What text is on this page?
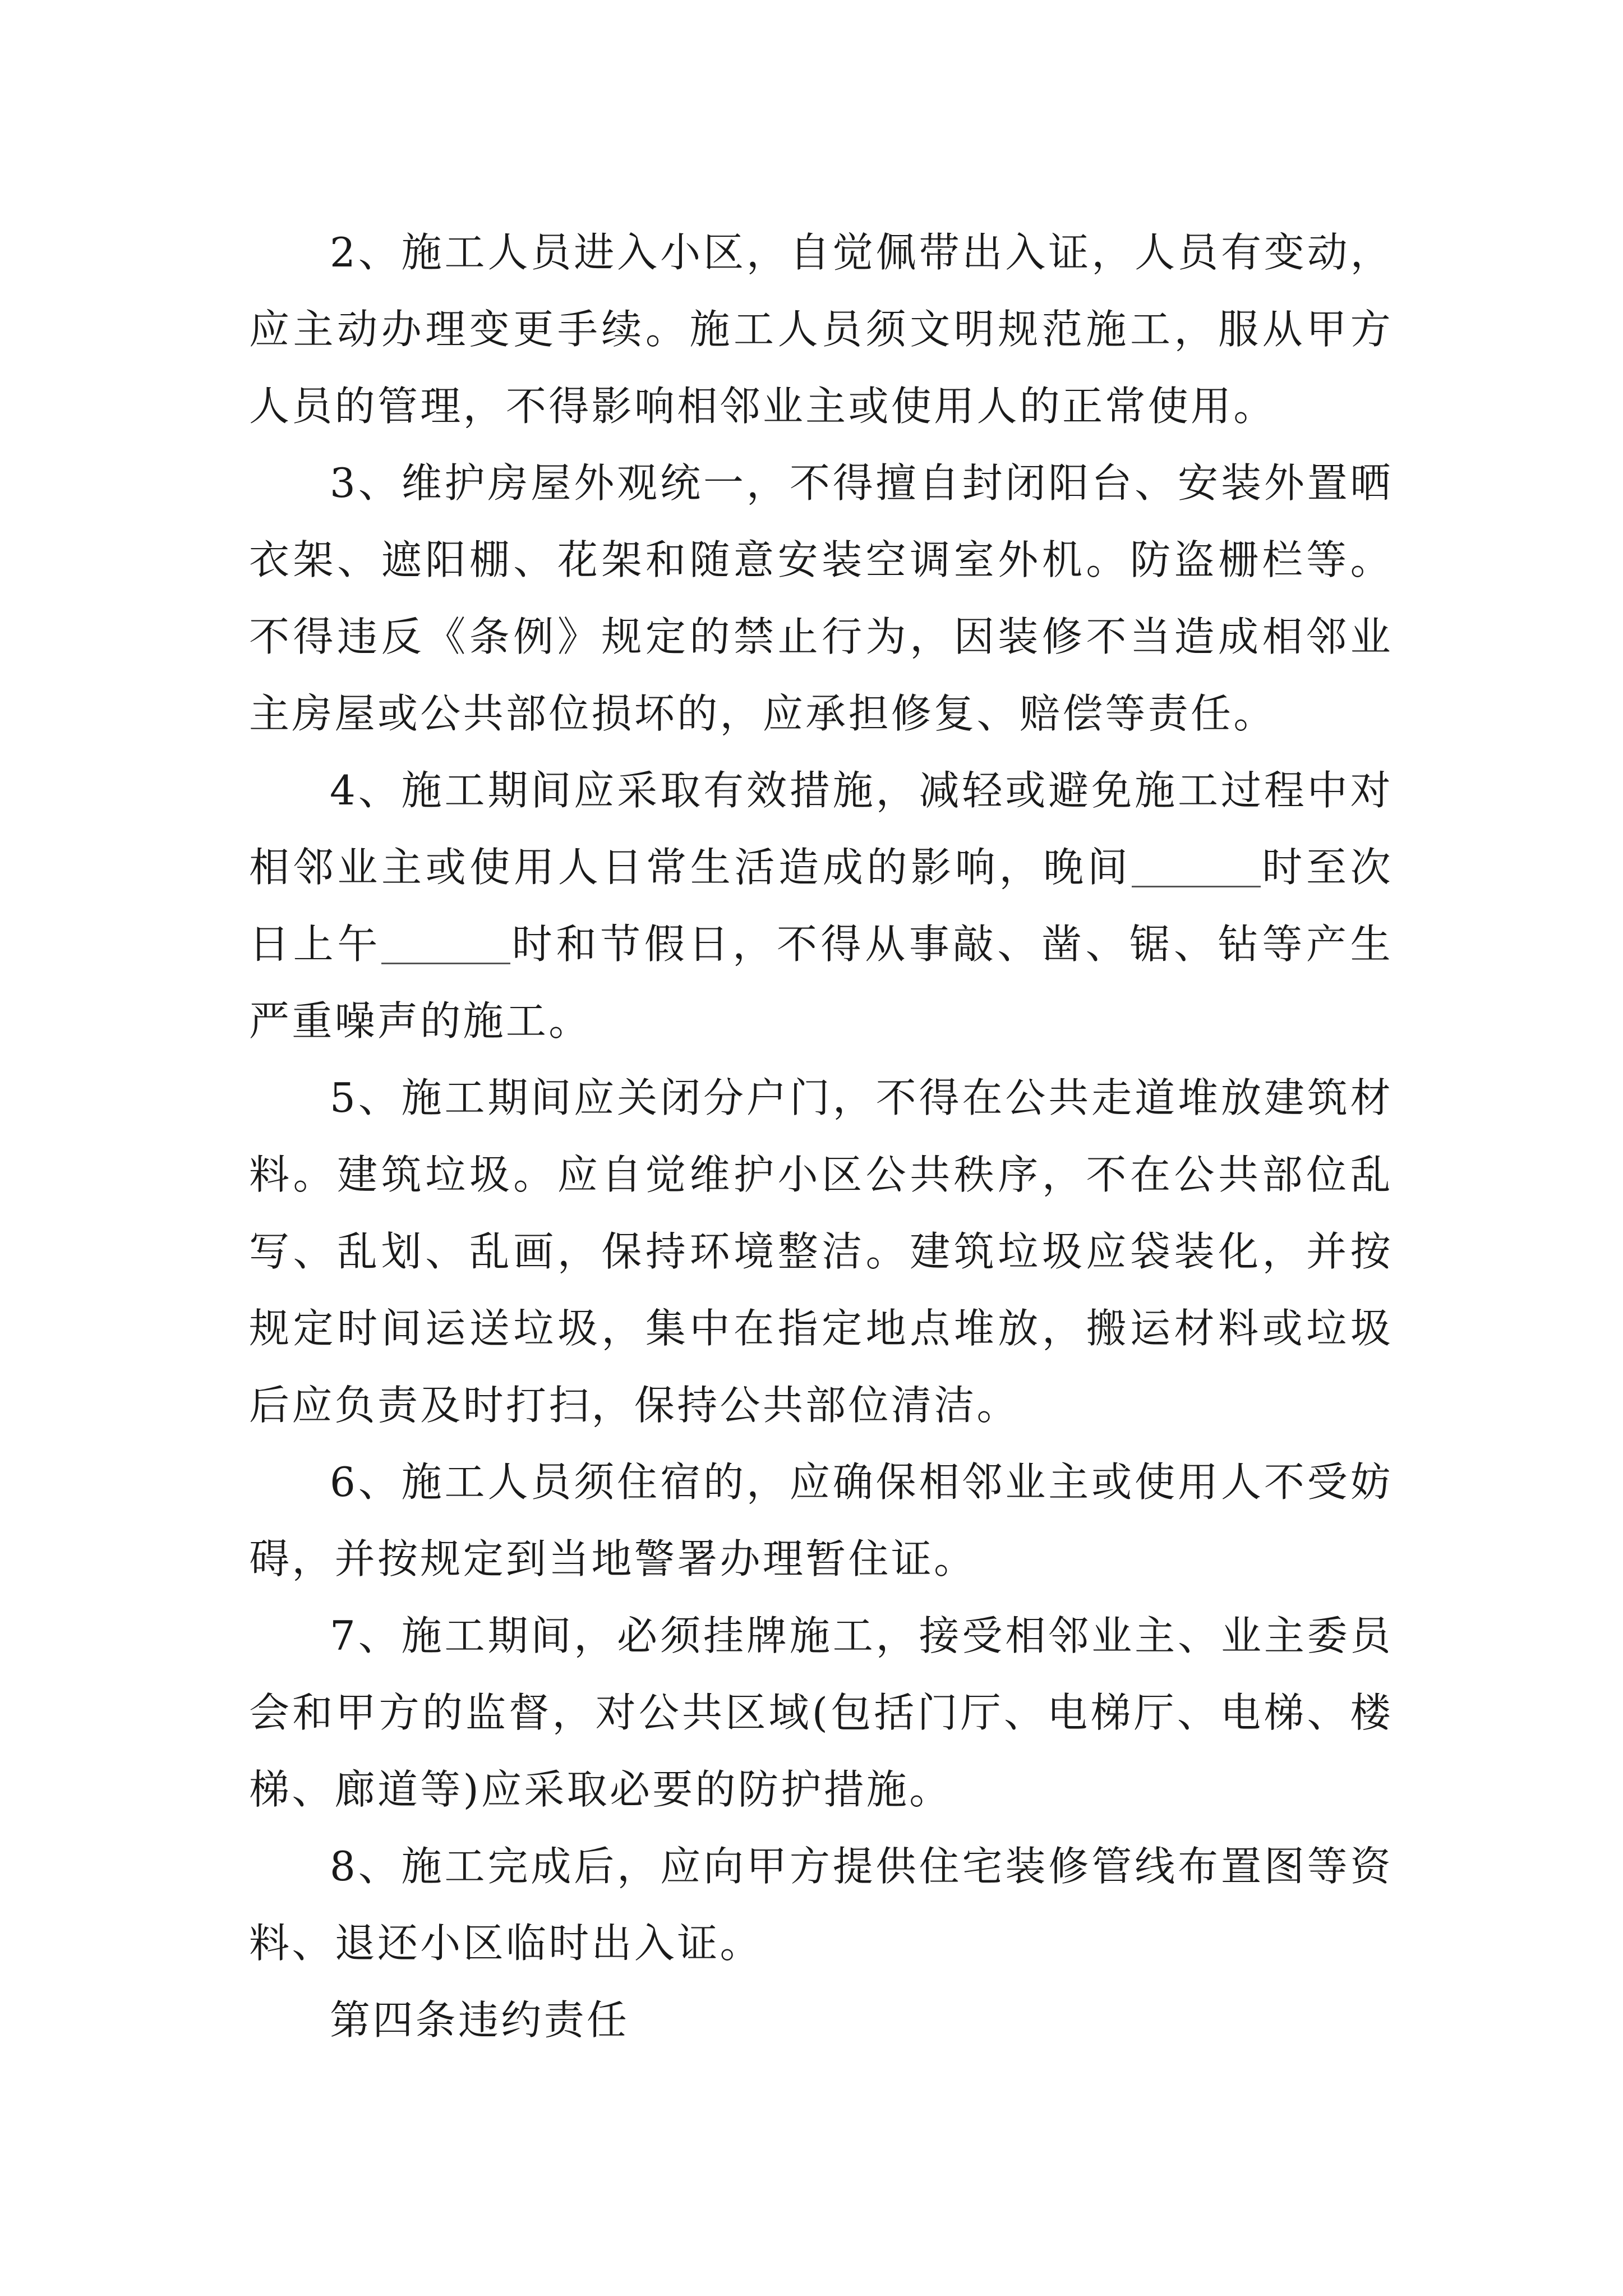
2、施工人员进入小区，自觉佩带出入证，人员有变动，应主动办理变更手续。施工人员须文明规范施工，服从甲方人员的管理，不得影响相邻业主或使用人的正常使用。

3、维护房屋外观统一，不得擅自封闭阳台、安装外置晒衣架、遮阳棚、花架和随意安装空调室外机。防盗栅栏等。不得违反《条例》规定的禁止行为，因装修不当造成相邻业主房屋或公共部位损坏的，应承担修复、赔偿等责任。

4、施工期间应采取有效措施，减轻或避免施工过程中对相邻业主或使用人日常生活造成的影响，晚间	时至次日上午	时和节假日，不得从事敲、凿、锯、钻等产生严重噪声的施工。

5、施工期间应关闭分户门，不得在公共走道堆放建筑材料。建筑垃圾。应自觉维护小区公共秩序，不在公共部位乱写、乱划、乱画，保持环境整洁。建筑垃圾应袋装化，并按规定时间运送垃圾，集中在指定地点堆放，搬运材料或垃圾后应负责及时打扫，保持公共部位清洁。

6、施工人员须住宿的，应确保相邻业主或使用人不受妨碍，并按规定到当地警署办理暂住证。

7、施工期间，必须挂牌施工，接受相邻业主、业主委员会和甲方的监督，对公共区域(包括门厅、电梯厅、电梯、楼梯、廊道等)应采取必要的防护措施。

8、施工完成后，应向甲方提供住宅装修管线布置图等资料、退还小区临时出入证。

第四条违约责任
